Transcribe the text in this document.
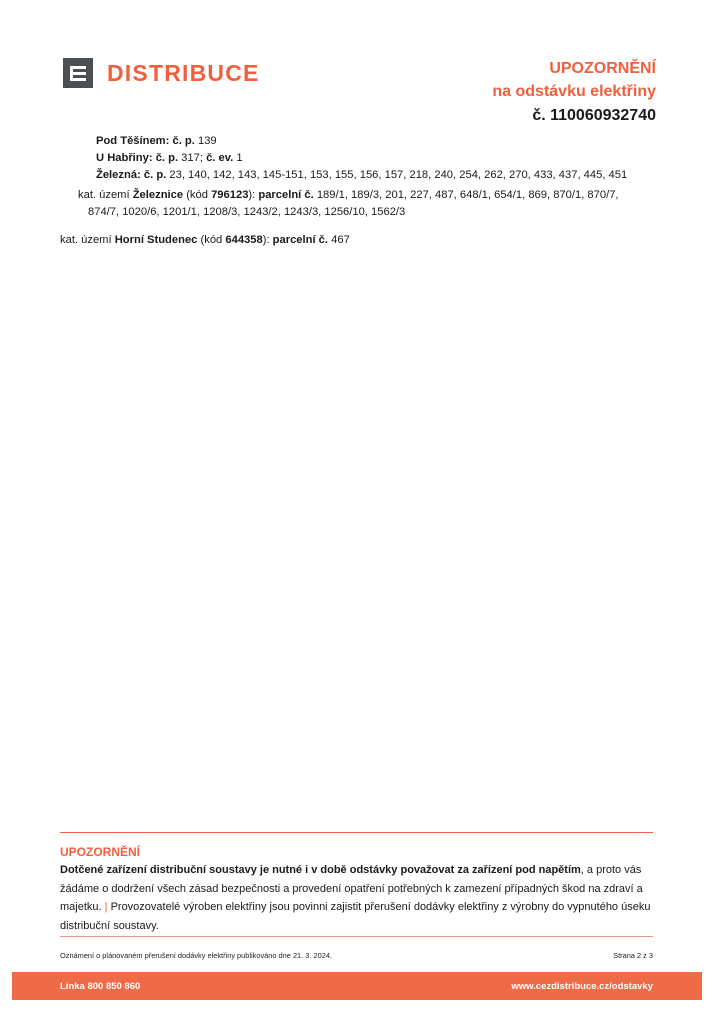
DISTRIBUCE	UPOZORNĚNÍ
na odstávku elektřiny
č. 110060932740
Pod Těšínem: č. p. 139
U Habřiny: č. p. 317; č. ev. 1
Železná: č. p. 23, 140, 142, 143, 145-151, 153, 155, 156, 157, 218, 240, 254, 262, 270, 433, 437, 445, 451
kat. území Železnice (kód 796123): parcelní č. 189/1, 189/3, 201, 227, 487, 648/1, 654/1, 869, 870/1, 870/7,
874/7, 1020/6, 1201/1, 1208/3, 1243/2, 1243/3, 1256/10, 1562/3
kat. území Horní Studenec (kód 644358): parcelní č. 467
UPOZORNĚNÍ
Dotčené zařízení distribuční soustavy je nutné i v době odstávky považovat za zařízení pod napětím, a proto vás žádáme o dodržení všech zásad bezpečnosti a provedení opatření potřebných k zamezení případných škod na zdraví a majetku. | Provozovatelé výroben elektřiny jsou povinni zajistit přerušení dodávky elektřiny z výrobny do vypnutého úseku distribuční soustavy.
Oznámení o plánovaném přerušení dodávky elektřiny publikováno dne 21. 3. 2024.	Strana 2 z 3
Linka 800 850 860	www.cezdistribuce.cz/odstavky
